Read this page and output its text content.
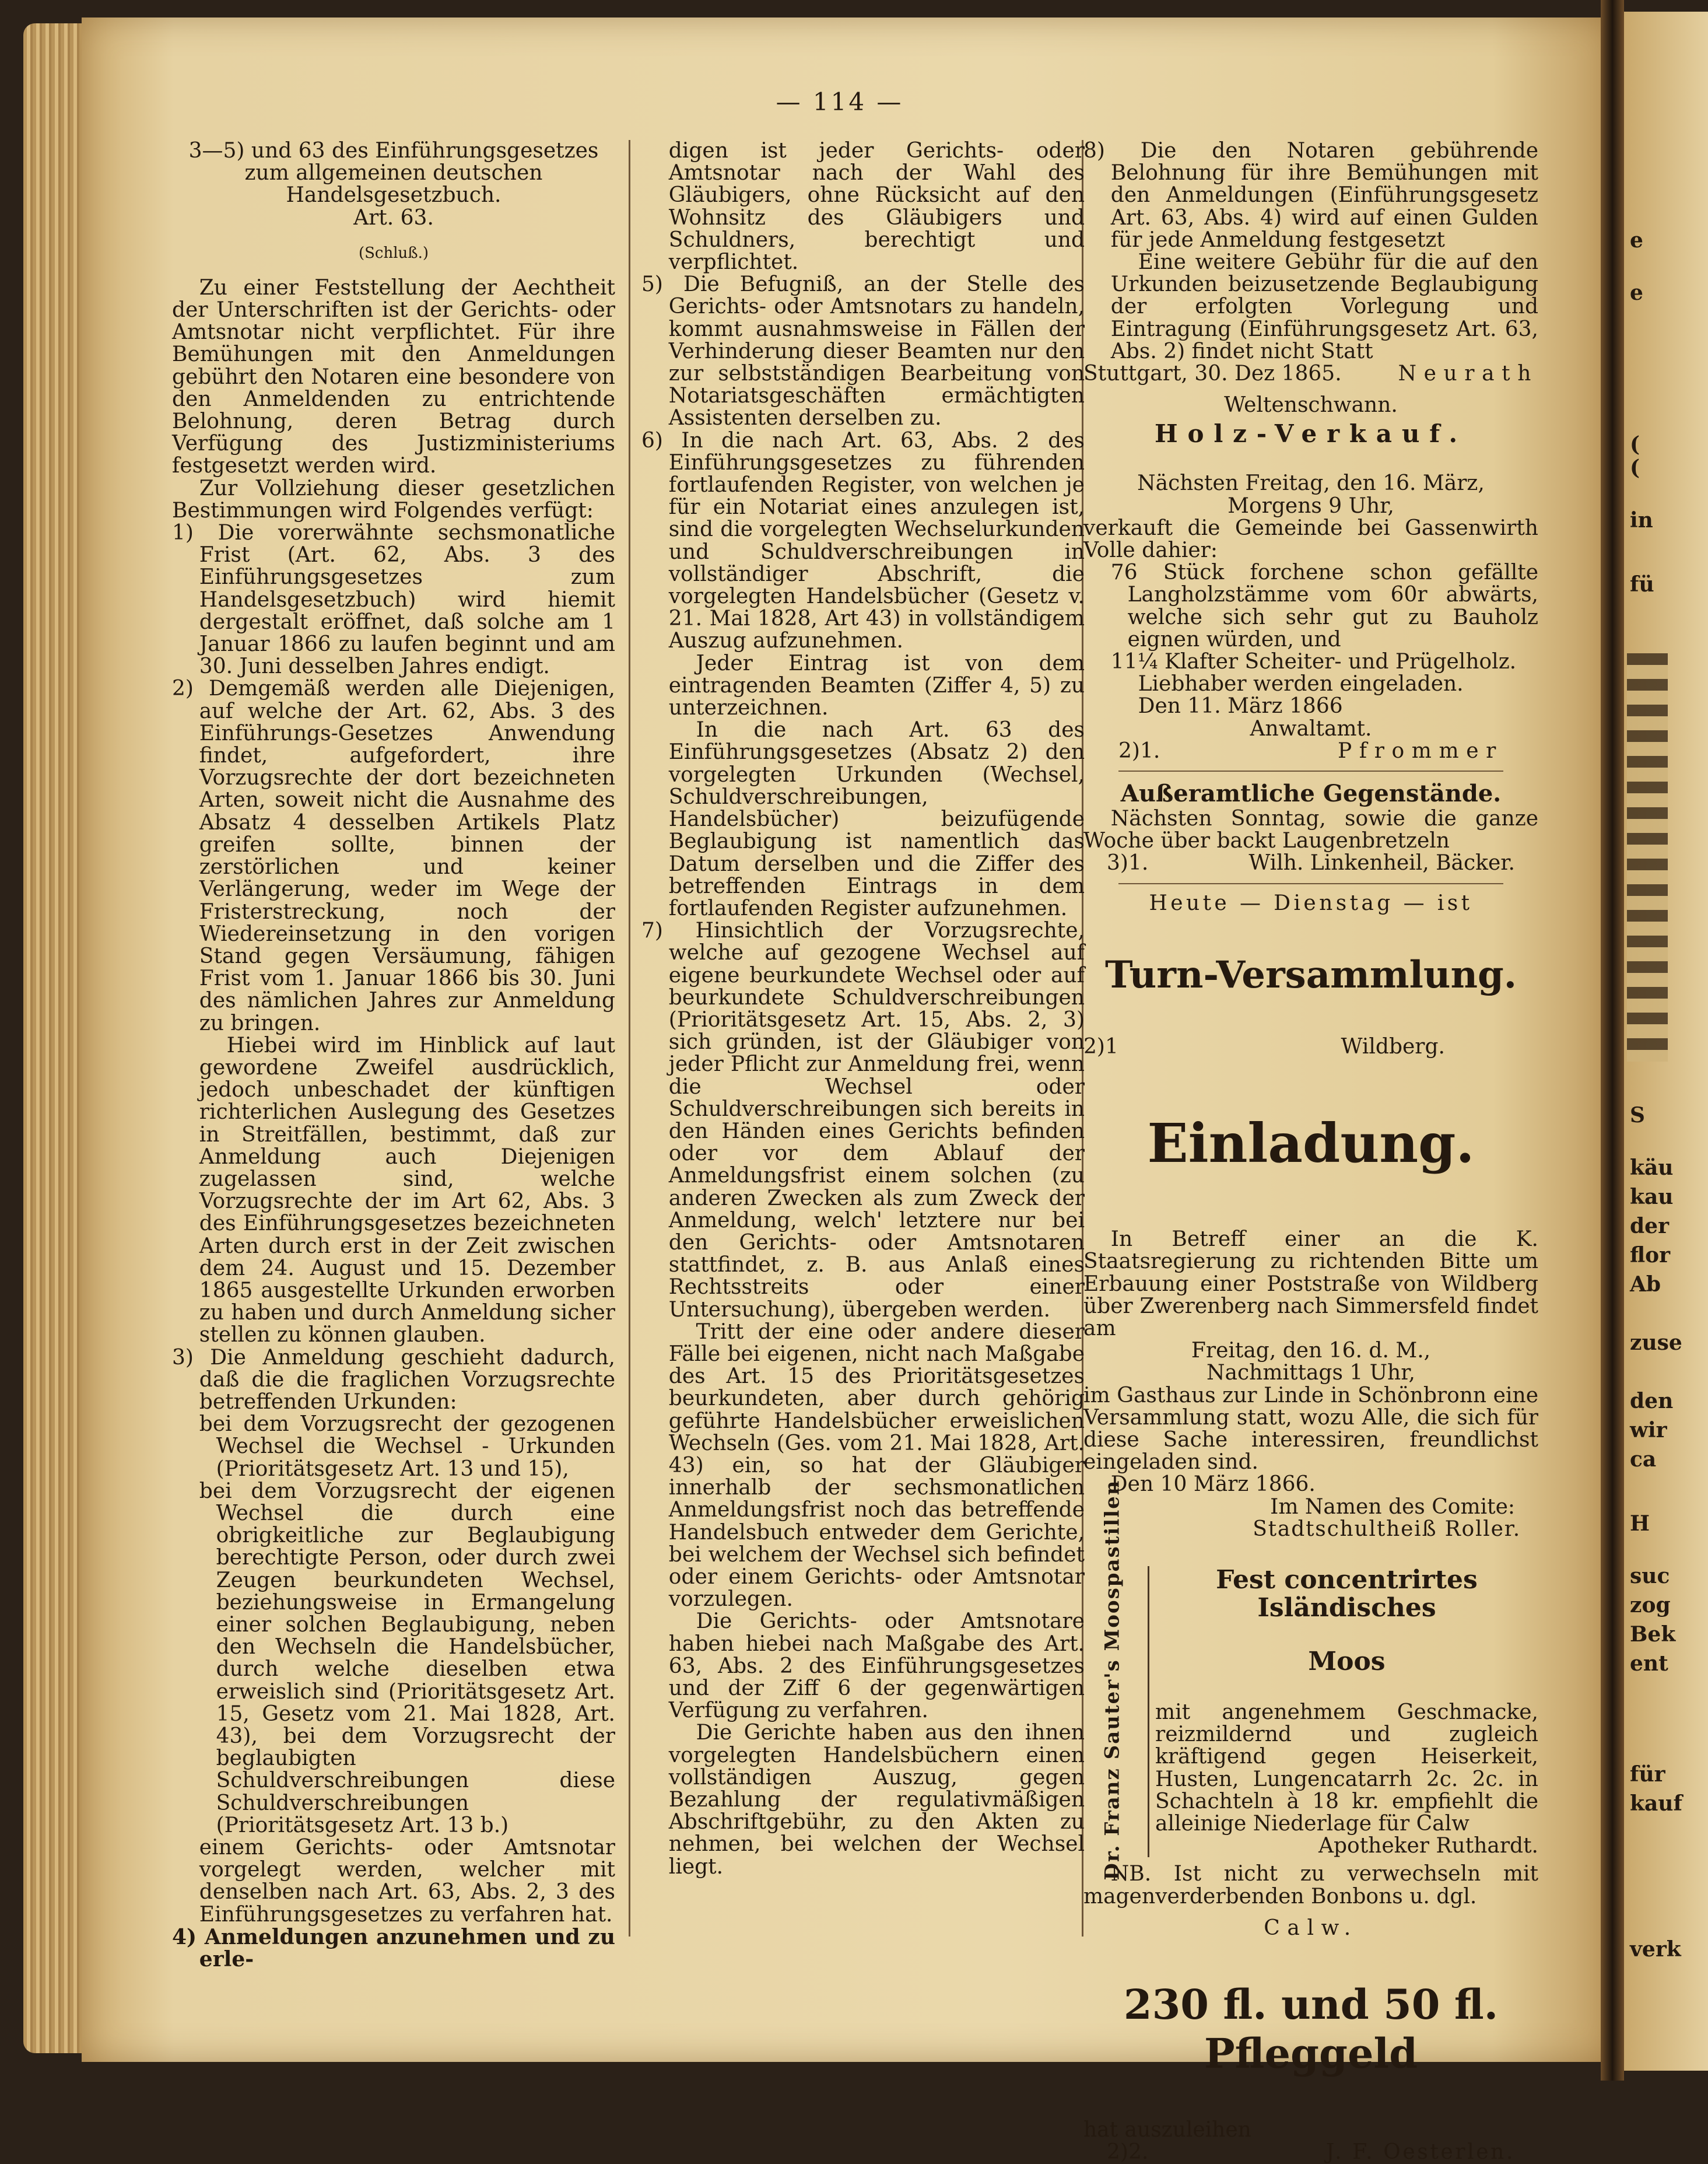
e
e
(
(
in
fü
S
käu
kau
der
flor
Ab
zuse
den
wir
ca
H
suc
zog
Bek
ent
für
kauf
verk
— 114 —

3—5) und 63 des Einführungsgesetzes zum allgemeinen deutschen Handelsgesetzbuch.

Art. 63.

(Schluß.)

Zu einer Feststellung der Aechtheit der Unterschriften ist der Gerichts- oder Amtsnotar nicht verpflichtet. Für ihre Bemühungen mit den Anmeldungen gebührt den Notaren eine besondere von den Anmeldenden zu entrichtende Belohnung, deren Betrag durch Verfügung des Justizministeriums festgesetzt werden wird.

Zur Vollziehung dieser gesetzlichen Bestimmungen wird Folgendes verfügt:

1) Die vorerwähnte sechsmonatliche Frist (Art. 62, Abs. 3 des Einführungsgesetzes zum Handelsgesetzbuch) wird hiemit dergestalt eröffnet, daß solche am 1 Januar 1866 zu laufen beginnt und am 30. Juni desselben Jahres endigt.

2) Demgemäß werden alle Diejenigen, auf welche der Art. 62, Abs. 3 des Einführungs-Gesetzes Anwendung findet, aufgefordert, ihre Vorzugsrechte der dort bezeichneten Arten, soweit nicht die Ausnahme des Absatz 4 desselben Artikels Platz greifen sollte, binnen der zerstörlichen und keiner Verlängerung, weder im Wege der Fristerstreckung, noch der Wiedereinsetzung in den vorigen Stand gegen Versäumung, fähigen Frist vom 1. Januar 1866 bis 30. Juni des nämlichen Jahres zur Anmeldung zu bringen.

Hiebei wird im Hinblick auf laut gewordene Zweifel ausdrücklich, jedoch unbeschadet der künftigen richterlichen Auslegung des Gesetzes in Streitfällen, bestimmt, daß zur Anmeldung auch Diejenigen zugelassen sind, welche Vorzugsrechte der im Art 62, Abs. 3 des Einführungsgesetzes bezeichneten Arten durch erst in der Zeit zwischen dem 24. August und 15. Dezember 1865 ausgestellte Urkunden erworben zu haben und durch Anmeldung sicher stellen zu können glauben.

3) Die Anmeldung geschieht dadurch, daß die die fraglichen Vorzugsrechte betreffenden Urkunden:

bei dem Vorzugsrecht der gezogenen Wechsel die Wechsel - Urkunden (Prioritätsgesetz Art. 13 und 15),

bei dem Vorzugsrecht der eigenen Wechsel die durch eine obrigkeitliche zur Beglaubigung berechtigte Person, oder durch zwei Zeugen beurkundeten Wechsel, beziehungsweise in Ermangelung einer solchen Beglaubigung, neben den Wechseln die Handelsbücher, durch welche dieselben etwa erweislich sind (Prioritätsgesetz Art. 15, Gesetz vom 21. Mai 1828, Art. 43), bei dem Vorzugsrecht der beglaubigten Schuldverschreibungen diese Schuldverschreibungen (Prioritätsgesetz Art. 13 b.)

einem Gerichts- oder Amtsnotar vorgelegt werden, welcher mit denselben nach Art. 63, Abs. 2, 3 des Einführungsgesetzes zu verfahren hat.

4) Anmeldungen anzunehmen und zu erle-

digen ist jeder Gerichts- oder Amtsnotar nach der Wahl des Gläubigers, ohne Rücksicht auf den Wohnsitz des Gläubigers und Schuldners, berechtigt und verpflichtet.

5) Die Befugniß, an der Stelle des Gerichts- oder Amtsnotars zu handeln, kommt ausnahmsweise in Fällen der Verhinderung dieser Beamten nur den zur selbstständigen Bearbeitung von Notariatsgeschäften ermächtigten Assistenten derselben zu.

6) In die nach Art. 63, Abs. 2 des Einführungsgesetzes zu führenden fortlaufenden Register, von welchen je für ein Notariat eines anzulegen ist, sind die vorgelegten Wechselurkunden und Schuldverschreibungen in vollständiger Abschrift, die vorgelegten Handelsbücher (Gesetz v. 21. Mai 1828, Art 43) in vollständigem Auszug aufzunehmen.

Jeder Eintrag ist von dem eintragenden Beamten (Ziffer 4, 5) zu unterzeichnen.

In die nach Art. 63 des Einführungsgesetzes (Absatz 2) den vorgelegten Urkunden (Wechsel, Schuldverschreibungen, Handelsbücher) beizufügende Beglaubigung ist namentlich das Datum derselben und die Ziffer des betreffenden Eintrags in dem fortlaufenden Register aufzunehmen.

7) Hinsichtlich der Vorzugsrechte, welche auf gezogene Wechsel auf eigene beurkundete Wechsel oder auf beurkundete Schuldverschreibungen (Prioritätsgesetz Art. 15, Abs. 2, 3) sich gründen, ist der Gläubiger von jeder Pflicht zur Anmeldung frei, wenn die Wechsel oder Schuldverschreibungen sich bereits in den Händen eines Gerichts befinden oder vor dem Ablauf der Anmeldungsfrist einem solchen (zu anderen Zwecken als zum Zweck der Anmeldung, welch' letztere nur bei den Gerichts- oder Amtsnotaren stattfindet, z. B. aus Anlaß eines Rechtsstreits oder einer Untersuchung), übergeben werden.

Tritt der eine oder andere dieser Fälle bei eigenen, nicht nach Maßgabe des Art. 15 des Prioritätsgesetzes beurkundeten, aber durch gehörig geführte Handelsbücher erweislichen Wechseln (Ges. vom 21. Mai 1828, Art. 43) ein, so hat der Gläubiger innerhalb der sechsmonatlichen Anmeldungsfrist noch das betreffende Handelsbuch entweder dem Gerichte, bei welchem der Wechsel sich befindet oder einem Gerichts- oder Amtsnotar vorzulegen.

Die Gerichts- oder Amtsnotare haben hiebei nach Maßgabe des Art. 63, Abs. 2 des Einführungsgesetzes und der Ziff 6 der gegenwärtigen Verfügung zu verfahren.

Die Gerichte haben aus den ihnen vorgelegten Handelsbüchern einen vollständigen Auszug, gegen Bezahlung der regulativmäßigen Abschriftgebühr, zu den Akten zu nehmen, bei welchen der Wechsel liegt.

8) Die den Notaren gebührende Belohnung für ihre Bemühungen mit den Anmeldungen (Einführungsgesetz Art. 63, Abs. 4) wird auf einen Gulden für jede Anmeldung festgesetzt

Eine weitere Gebühr für die auf den Urkunden beizusetzende Beglaubigung der erfolgten Vorlegung und Eintragung (Einführungsgesetz Art. 63, Abs. 2) findet nicht Statt

Stuttgart, 30. Dez 1865.	Neurath

Weltenschwann.

Holz-Verkauf.

Nächsten Freitag, den 16. März,

Morgens 9 Uhr,

verkauft die Gemeinde bei Gassenwirth Volle dahier:

76 Stück forchene schon gefällte Langholzstämme vom 60r abwärts, welche sich sehr gut zu Bauholz eignen würden, und

11¼ Klafter Scheiter- und Prügelholz.

Liebhaber werden eingeladen.

Den 11. März 1866

Anwaltamt.

2)1.	Pfrommer

Außeramtliche Gegenstände.

Nächsten Sonntag, sowie die ganze Woche über backt Laugenbretzeln

3)1.	Wilh. Linkenheil, Bäcker.

Heute — Dienstag — ist

Turn-Versammlung.

2)1	Wildberg.

Einladung.

In Betreff einer an die K. Staatsregierung zu richtenden Bitte um Erbauung einer Poststraße von Wildberg über Zwerenberg nach Simmersfeld findet am

Freitag, den 16. d. M.,

Nachmittags 1 Uhr,

im Gasthaus zur Linde in Schönbronn eine Versammlung statt, wozu Alle, die sich für diese Sache interessiren, freundlichst eingeladen sind.

Den 10 März 1866.

Im Namen des Comite:

Stadtschultheiß Roller.

Dr. Franz Sauter's Moospastillen	Fest concentrirtes Isländisches

Moos

mit angenehmem Geschmacke, reizmildernd und zugleich kräftigend gegen Heiserkeit, Husten, Lungencatarrh 2c. 2c. in Schachteln à 18 kr. empfiehlt die alleinige Niederlage für Calw

Apotheker Ruthardt.

NB. Ist nicht zu verwechseln mit magenverderbenden Bonbons u. dgl.

Calw.

230 fl. und 50 fl. Pfleggeld

hat auszuleihen

2)2.	J. F. Oesterlen.
